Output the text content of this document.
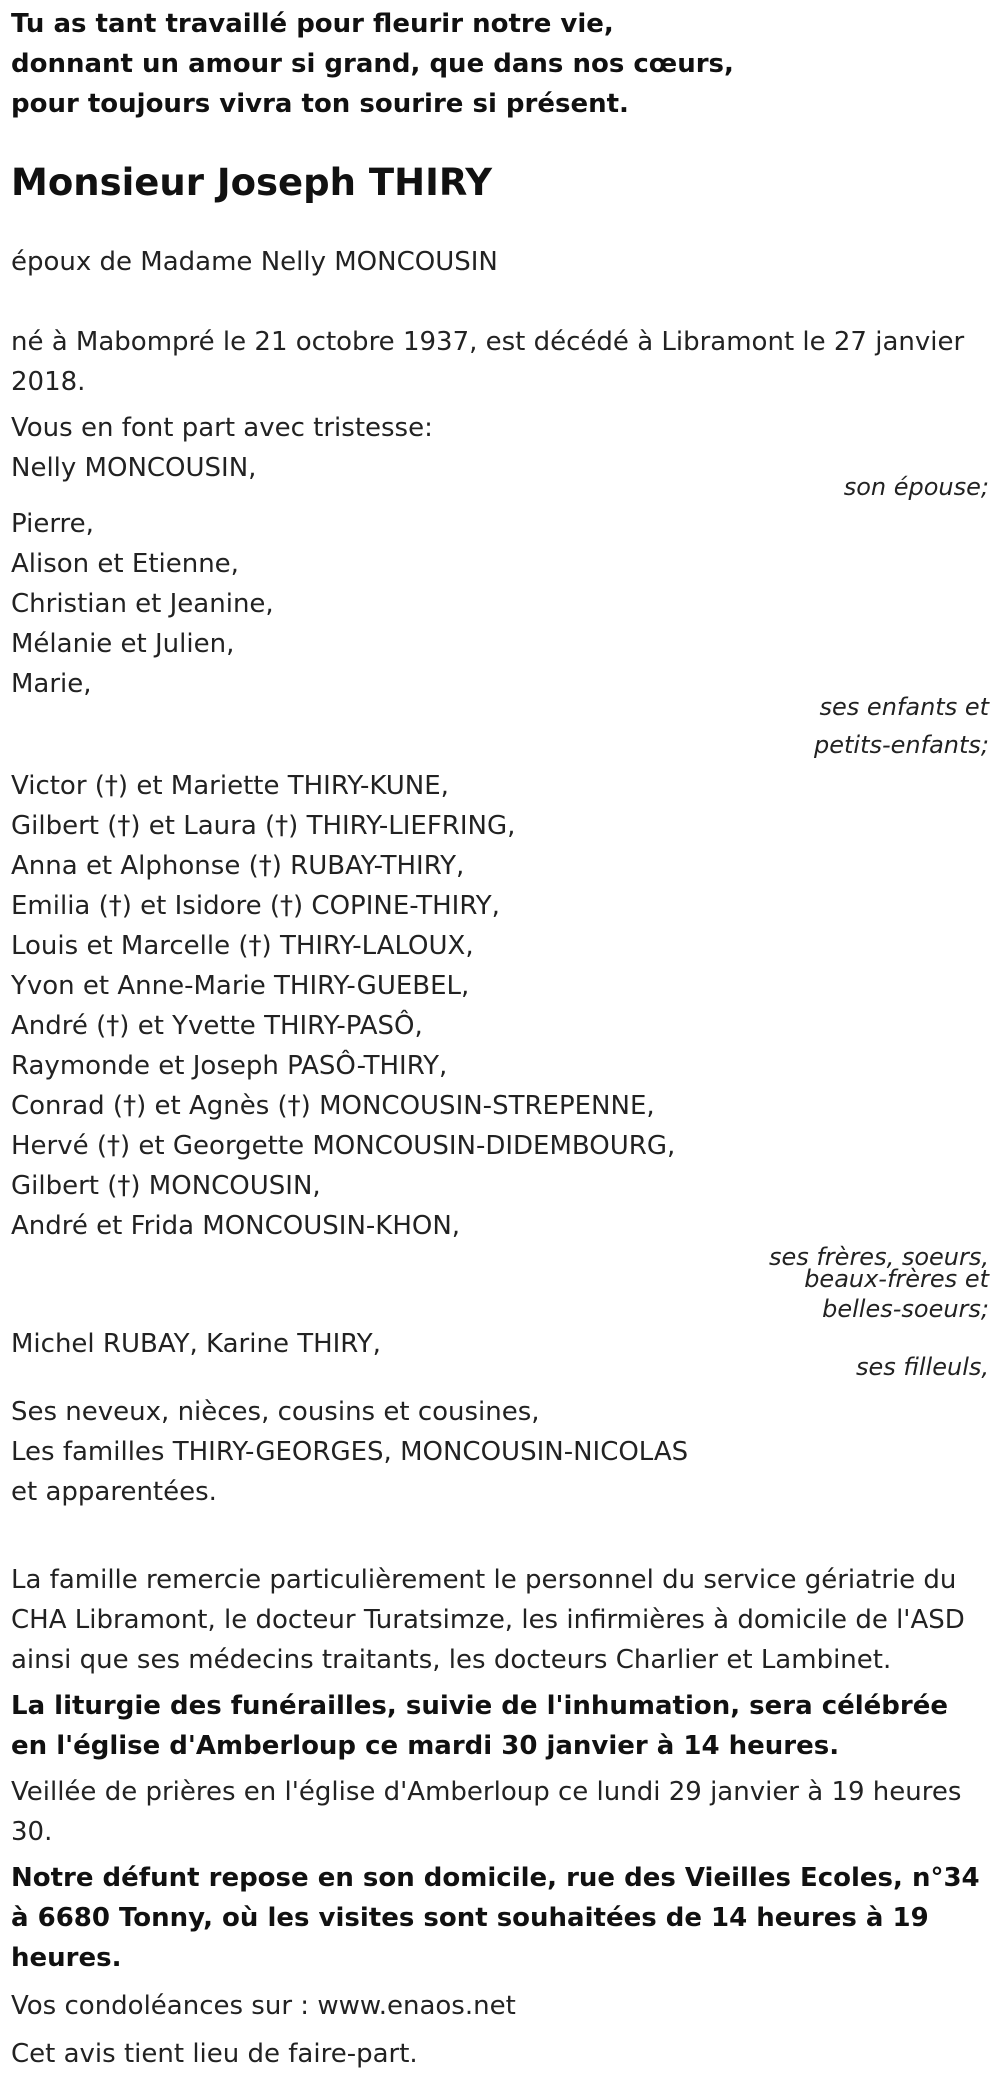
Tu as tant travaillé pour fleurir notre vie,

donnant un amour si grand, que dans nos cœurs,

pour toujours vivra ton sourire si présent.

Monsieur Joseph THIRY

époux de Madame Nelly MONCOUSIN

né à Mabompré le 21 octobre 1937, est décédé à Libramont le 27 janvier 2018.

Vous en font part avec tristesse:

Nelly MONCOUSIN,

son épouse;

Pierre,

Alison et Etienne,

Christian et Jeanine,

Mélanie et Julien,

Marie,

ses enfants et

petits-enfants;

Victor (†) et Mariette THIRY-KUNE,

Gilbert (†) et Laura (†) THIRY-LIEFRING,

Anna et Alphonse (†) RUBAY-THIRY,

Emilia (†) et Isidore (†) COPINE-THIRY,

Louis et Marcelle (†) THIRY-LALOUX,

Yvon et Anne-Marie THIRY-GUEBEL,

André (†) et Yvette THIRY-PASÔ,

Raymonde et Joseph PASÔ-THIRY,

Conrad (†) et Agnès (†) MONCOUSIN-STREPENNE,

Hervé (†) et Georgette MONCOUSIN-DIDEMBOURG,

Gilbert (†) MONCOUSIN,

André et Frida MONCOUSIN-KHON,

ses frères, soeurs,

beaux-frères et

belles-soeurs;

Michel RUBAY, Karine THIRY,

ses filleuls,

Ses neveux, nièces, cousins et cousines,

Les familles THIRY-GEORGES, MONCOUSIN-NICOLAS

et apparentées.

La famille remercie particulièrement le personnel du service gériatrie du CHA Libramont, le docteur Turatsimze, les infirmières à domicile de l'ASD ainsi que ses médecins traitants, les docteurs Charlier et Lambinet.

La liturgie des funérailles, suivie de l'inhumation, sera célébrée en l'église d'Amberloup ce mardi 30 janvier à 14 heures.

Veillée de prières en l'église d'Amberloup ce lundi 29 janvier à 19 heures 30.

Notre défunt repose en son domicile, rue des Vieilles Ecoles, n°34 à 6680 Tonny, où les visites sont souhaitées de 14 heures à 19 heures.

Vos condoléances sur : www.enaos.net

Cet avis tient lieu de faire-part.
